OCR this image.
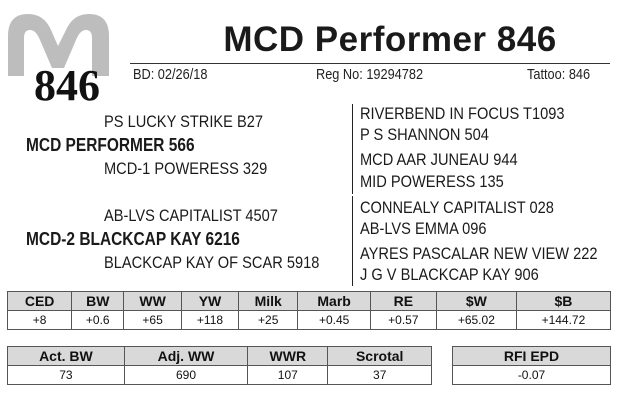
MCD Performer 846
846 BD: 02/26/18	Reg No: 19294782	Tattoo: 846
PS LUCKY STRIKE B27
MCD PERFORMER 566
MCD-1 POWERESS 329
AB-LVS CAPITALIST 4507
MCD-2 BLACKCAP KAY 6216
BLACKCAP KAY OF SCAR 5918
RIVERBEND IN FOCUS T1093
P S SHANNON 504
MCD AAR JUNEAU 944
MID POWERESS 135
CONNEALY CAPITALIST 028
AB-LVS EMMA 096
AYRES PASCALAR NEW VIEW 222
J G V BLACKCAP KAY 906
CED	BW	WW	YW	Milk	Marb	RE	$W	$B
+8	+0.6	+65	+118	+25	+0.45	+0.57	+65.02	+144.72
Act. BW	Adj. WW	WWR	Scrotal
73	690	107	37
RFI EPD
-0.07
